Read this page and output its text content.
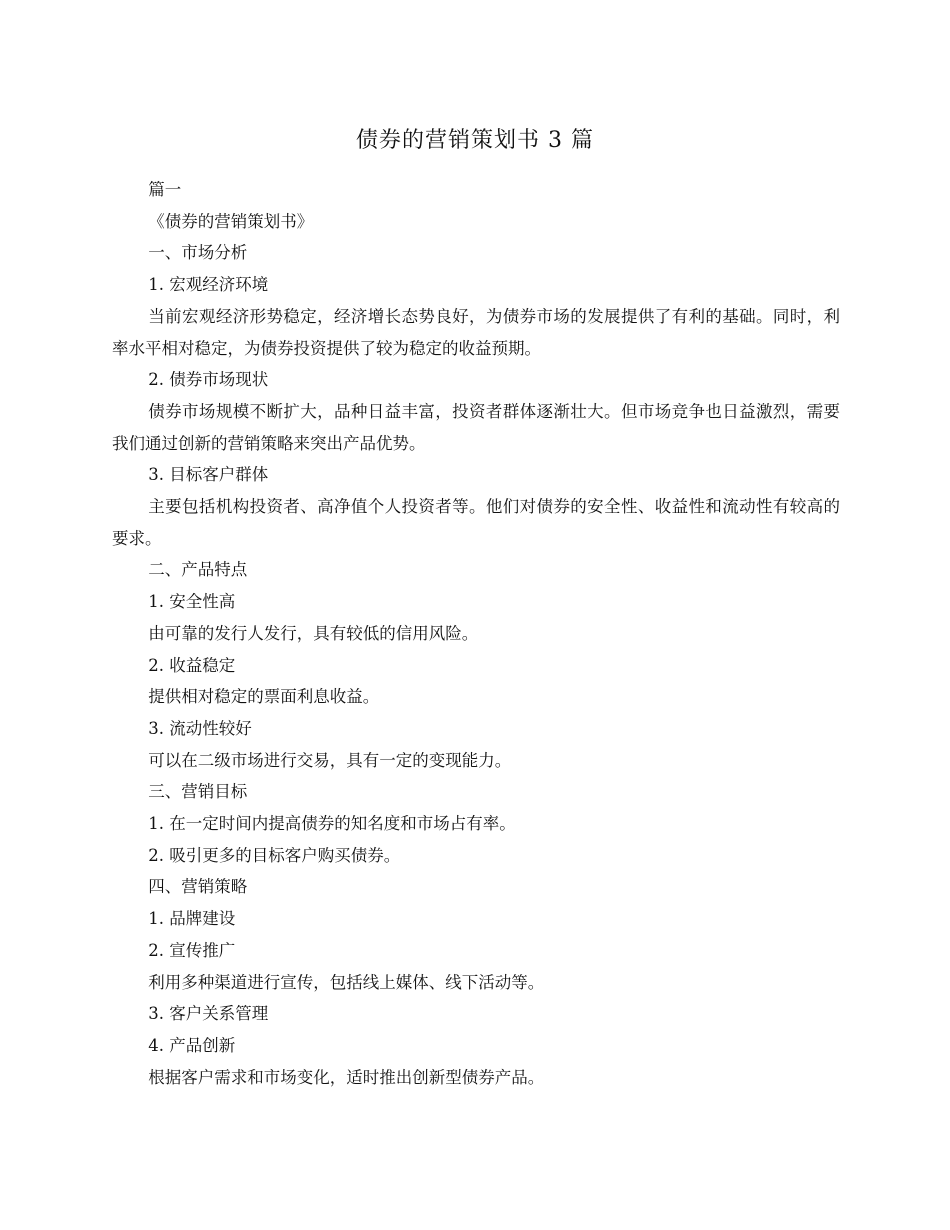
债券的营销策划书 3 篇

篇一

《债券的营销策划书》

一、市场分析

1. 宏观经济环境

当前宏观经济形势稳定，经济增长态势良好，为债券市场的发展提供了有利的基础。同时，利率水平相对稳定，为债券投资提供了较为稳定的收益预期。

2. 债券市场现状

债券市场规模不断扩大，品种日益丰富，投资者群体逐渐壮大。但市场竞争也日益激烈，需要我们通过创新的营销策略来突出产品优势。

3. 目标客户群体

主要包括机构投资者、高净值个人投资者等。他们对债券的安全性、收益性和流动性有较高的要求。

二、产品特点

1. 安全性高

由可靠的发行人发行，具有较低的信用风险。

2. 收益稳定

提供相对稳定的票面利息收益。

3. 流动性较好

可以在二级市场进行交易，具有一定的变现能力。

三、营销目标

1. 在一定时间内提高债券的知名度和市场占有率。

2. 吸引更多的目标客户购买债券。

四、营销策略

1. 品牌建设

2. 宣传推广

利用多种渠道进行宣传，包括线上媒体、线下活动等。

3. 客户关系管理

4. 产品创新

根据客户需求和市场变化，适时推出创新型债券产品。
